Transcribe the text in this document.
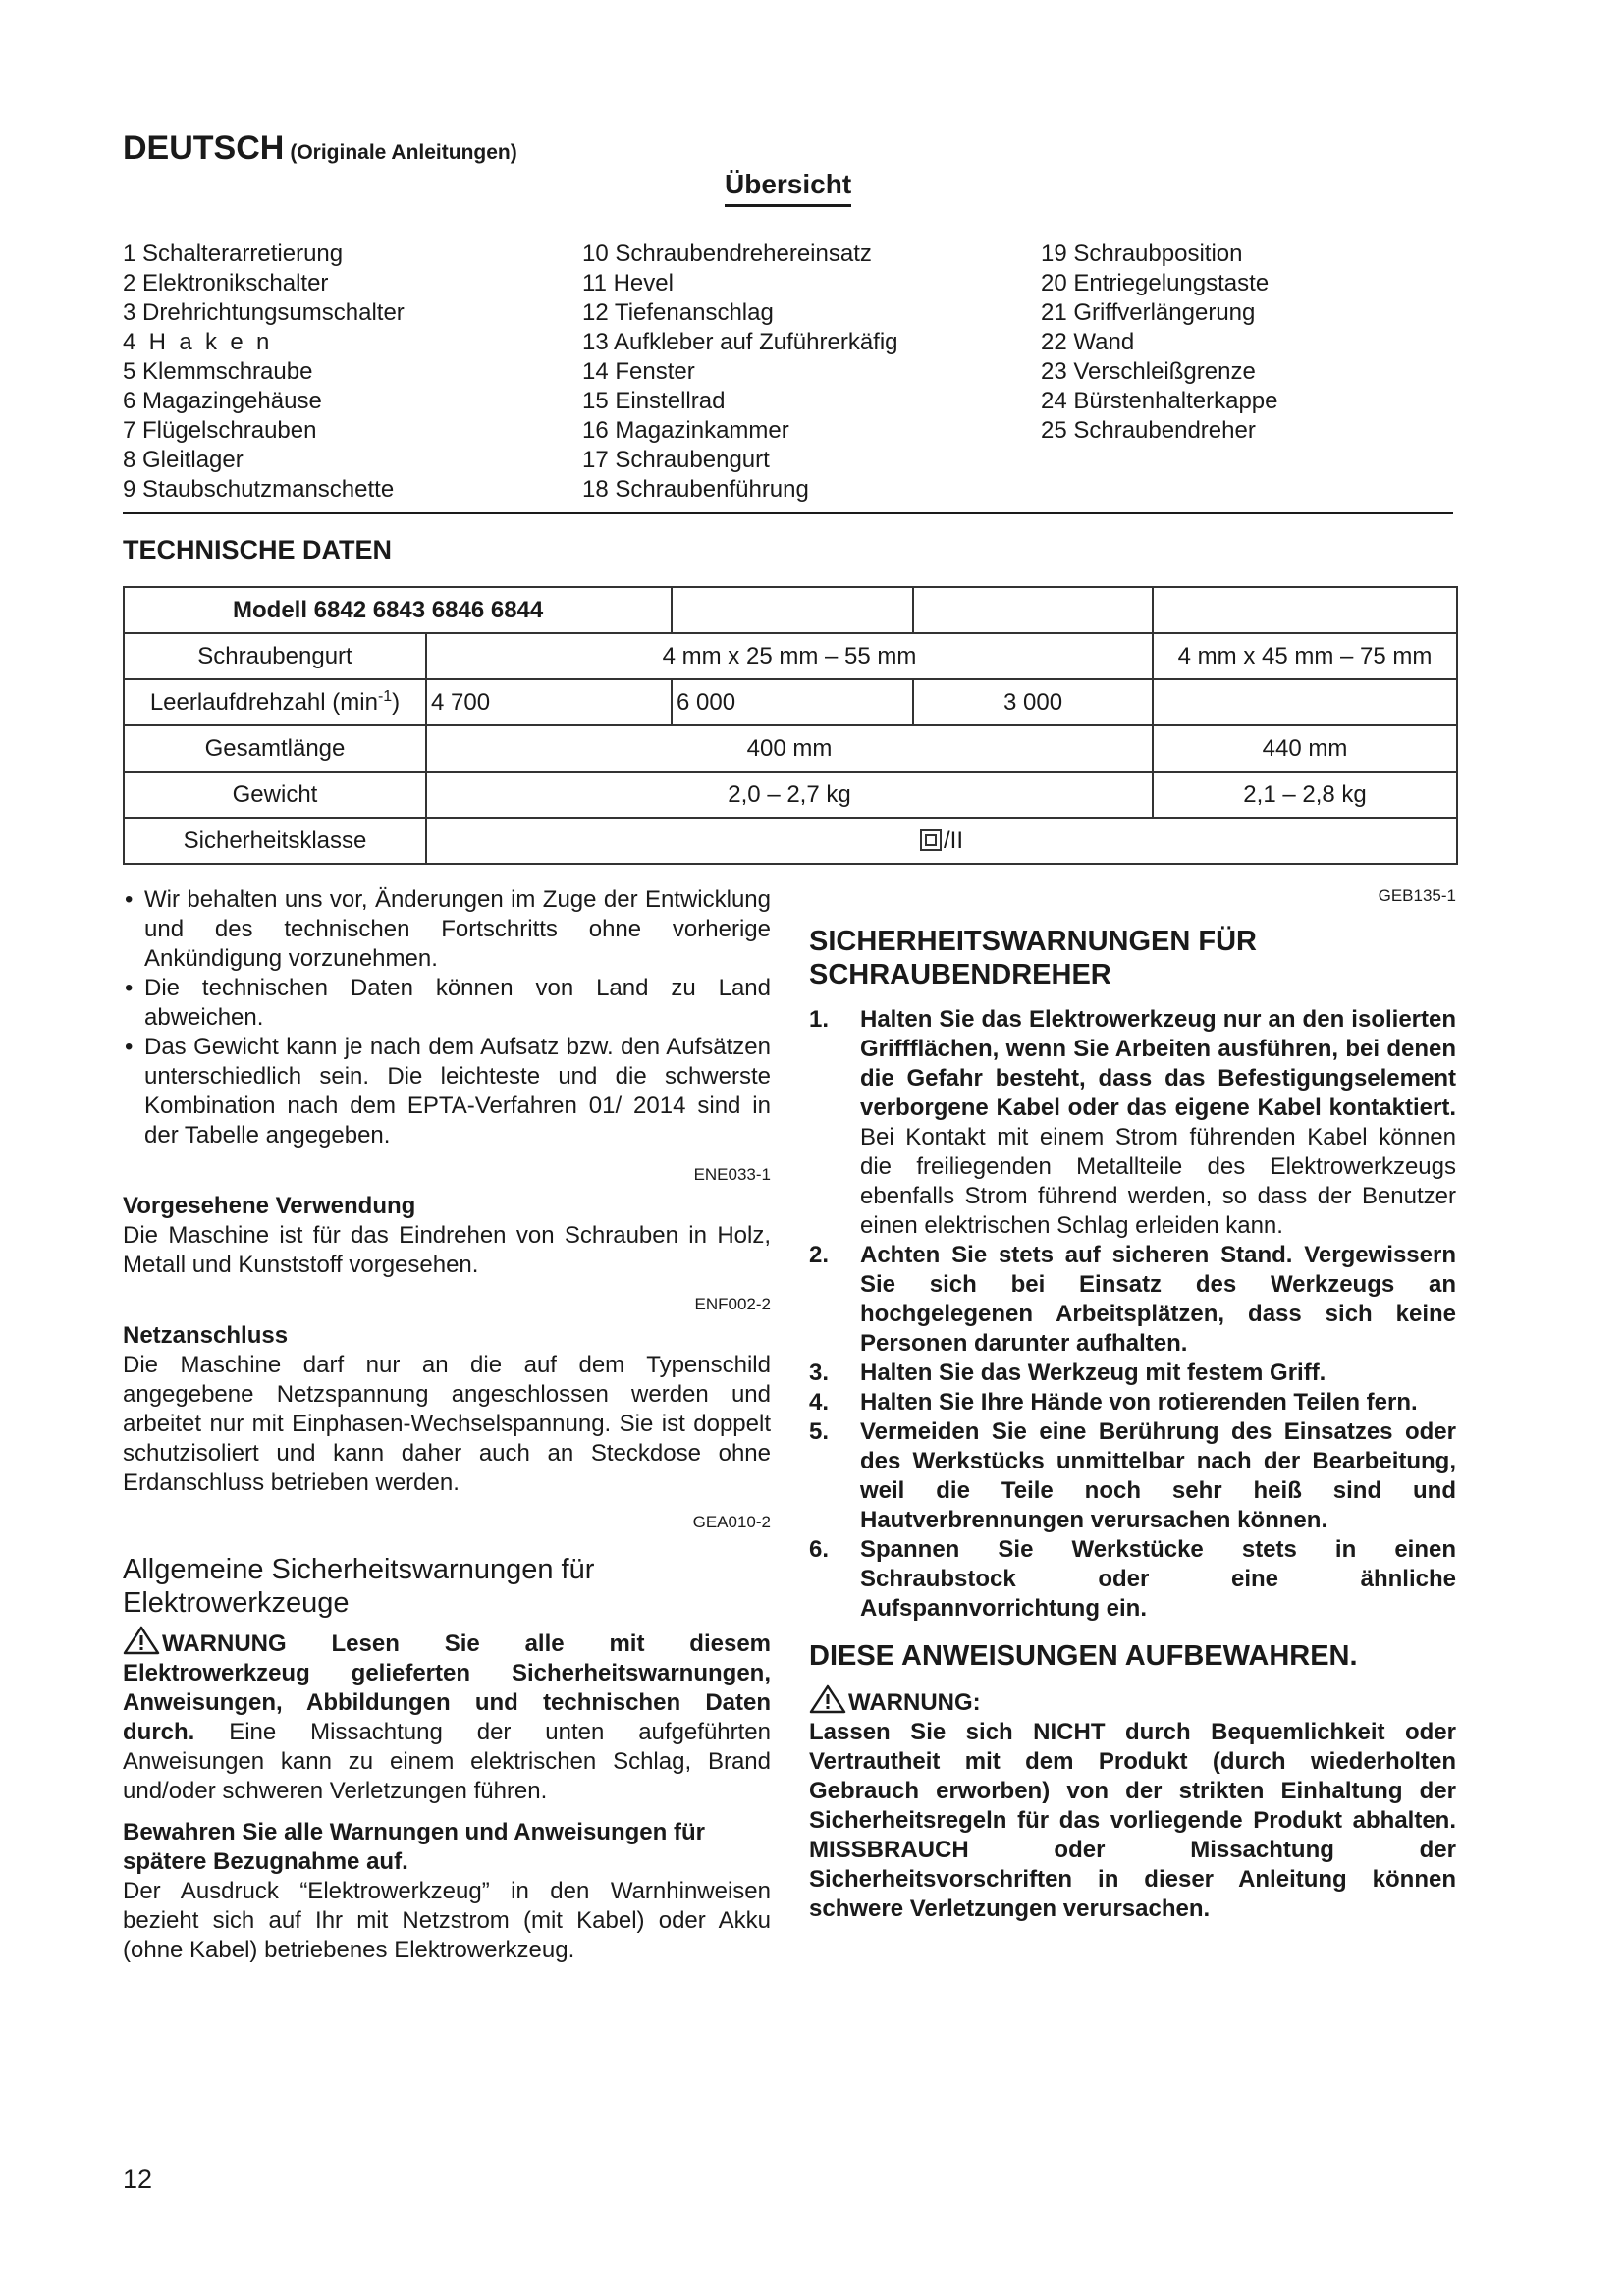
DEUTSCH (Originale Anleitungen)
Übersicht
1 Schalterarretierung
2 Elektronikschalter
3 Drehrichtungsumschalter
4  H  a  k  e  n
5 Klemmschraube
6 Magazingehäuse
7 Flügelschrauben
8 Gleitlager
9 Staubschutzmanschette
10 Schraubendrehereinsatz
11 Hevel
12 Tiefenanschlag
13 Aufkleber auf Zuführerkäfig
14 Fenster
15 Einstellrad
16 Magazinkammer
17 Schraubengurt
18 Schraubenführung
19 Schraubposition
20 Entriegelungstaste
21 Griffverlängerung
22 Wand
23 Verschleißgrenze
24 Bürstenhalterkappe
25 Schraubendreher
TECHNISCHE DATEN
Modell 6842 6843 6846 6844				
Schraubengurt	4 mm x 25 mm – 55 mm			4 mm x 45 mm – 75 mm
Leerlaufdrehzahl $(\min^{-1})$	4 700	6 000	3 000	
Gesamtlänge	400 mm			440 mm
Gewicht	2,0 – 2,7 kg			2,1 – 2,8 kg
Sicherheitsklasse	/II			
• Wir behalten uns vor, Änderungen im Zuge der Entwicklung und des technischen Fortschritts ohne vorherige Ankündigung vorzunehmen.
• Die technischen Daten können von Land zu Land abweichen.
• Das Gewicht kann je nach dem Aufsatz bzw. den Aufsätzen unterschiedlich sein. Die leichteste und die schwerste Kombination nach dem EPTA-Verfahren 01/ 2014 sind in der Tabelle angegeben.
ENE033-1
Vorgesehene Verwendung
Die Maschine ist für das Eindrehen von Schrauben in Holz, Metall und Kunststoff vorgesehen.
ENF002-2
Netzanschluss
Die Maschine darf nur an die auf dem Typenschild angegebene Netzspannung angeschlossen werden und arbeitet nur mit Einphasen-Wechselspannung. Sie ist doppelt schutzisoliert und kann daher auch an Steckdose ohne Erdanschluss betrieben werden.
GEA010-2
Allgemeine Sicherheitswarnungen für Elektrowerkzeuge
WARNUNG Lesen Sie alle mit diesem Elektrowerkzeug gelieferten Sicherheitswarnungen, Anweisungen, Abbildungen und technischen Daten durch. Eine Missachtung der unten aufgeführten Anweisungen kann zu einem elektrischen Schlag, Brand und/oder schweren Verletzungen führen.
Bewahren Sie alle Warnungen und Anweisungen für spätere Bezugnahme auf.
Der Ausdruck “Elektrowerkzeug” in den Warnhinweisen bezieht sich auf Ihr mit Netzstrom (mit Kabel) oder Akku (ohne Kabel) betriebenes Elektrowerkzeug.
GEB135-1
SICHERHEITSWARNUNGEN FÜR SCHRAUBENDREHER
1. Halten Sie das Elektrowerkzeug nur an den isolierten Griffflächen, wenn Sie Arbeiten ausführen, bei denen die Gefahr besteht, dass das Befestigungselement verborgene Kabel oder das eigene Kabel kontaktiert. Bei Kontakt mit einem Strom führenden Kabel können die freiliegenden Metallteile des Elektrowerkzeugs ebenfalls Strom führend werden, so dass der Benutzer einen elektrischen Schlag erleiden kann.
2. Achten Sie stets auf sicheren Stand. Vergewissern Sie sich bei Einsatz des Werkzeugs an hochgelegenen Arbeitsplätzen, dass sich keine Personen darunter aufhalten.
3. Halten Sie das Werkzeug mit festem Griff.
4. Halten Sie Ihre Hände von rotierenden Teilen fern.
5. Vermeiden Sie eine Berührung des Einsatzes oder des Werkstücks unmittelbar nach der Bearbeitung, weil die Teile noch sehr heiß sind und Hautverbrennungen verursachen können.
6. Spannen Sie Werkstücke stets in einen Schraubstock oder eine ähnliche Aufspannvorrichtung ein.
DIESE ANWEISUNGEN AUFBEWAHREN.
WARNUNG:
Lassen Sie sich NICHT durch Bequemlichkeit oder Vertrautheit mit dem Produkt (durch wiederholten Gebrauch erworben) von der strikten Einhaltung der Sicherheitsregeln für das vorliegende Produkt abhalten. MISSBRAUCH oder Missachtung der Sicherheitsvorschriften in dieser Anleitung können schwere Verletzungen verursachen.
12
